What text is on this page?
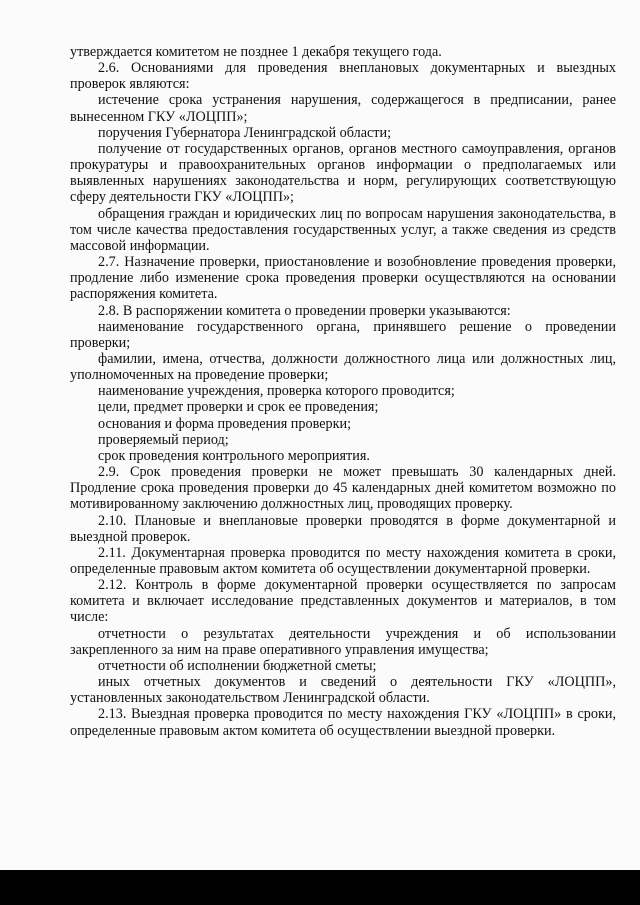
утверждается комитетом не позднее 1 декабря текущего года.

2.6. Основаниями для проведения внеплановых документарных и выездных проверок являются:

истечение срока устранения нарушения, содержащегося в предписании, ранее вынесенном ГКУ «ЛОЦПП»;

поручения Губернатора Ленинградской области;

получение от государственных органов, органов местного самоуправления, органов прокуратуры и правоохранительных органов информации о предполагаемых или выявленных нарушениях законодательства и норм, регулирующих соответствующую сферу деятельности ГКУ «ЛОЦПП»;

обращения граждан и юридических лиц по вопросам нарушения законодательства, в том числе качества предоставления государственных услуг, а также сведения из средств массовой информации.

2.7. Назначение проверки, приостановление и возобновление проведения проверки, продление либо изменение срока проведения проверки осуществляются на основании распоряжения комитета.

2.8. В распоряжении комитета о проведении проверки указываются:

наименование государственного органа, принявшего решение о проведении проверки;

фамилии, имена, отчества, должности должностного лица или должностных лиц, уполномоченных на проведение проверки;

наименование учреждения, проверка которого проводится;

цели, предмет проверки и срок ее проведения;

основания и форма проведения проверки;

проверяемый период;

срок проведения контрольного мероприятия.

2.9. Срок проведения проверки не может превышать 30 календарных дней. Продление срока проведения проверки до 45 календарных дней комитетом возможно по мотивированному заключению должностных лиц, проводящих проверку.

2.10. Плановые и внеплановые проверки проводятся в форме документарной и выездной проверок.

2.11. Документарная проверка проводится по месту нахождения комитета в сроки, определенные правовым актом комитета об осуществлении документарной проверки.

2.12. Контроль в форме документарной проверки осуществляется по запросам комитета и включает исследование представленных документов и материалов, в том числе:

отчетности о результатах деятельности учреждения и об использовании закрепленного за ним на праве оперативного управления имущества;

отчетности об исполнении бюджетной сметы;

иных отчетных документов и сведений о деятельности ГКУ «ЛОЦПП», установленных законодательством Ленинградской области.

2.13. Выездная проверка проводится по месту нахождения ГКУ «ЛОЦПП» в сроки, определенные правовым актом комитета об осуществлении выездной проверки.
